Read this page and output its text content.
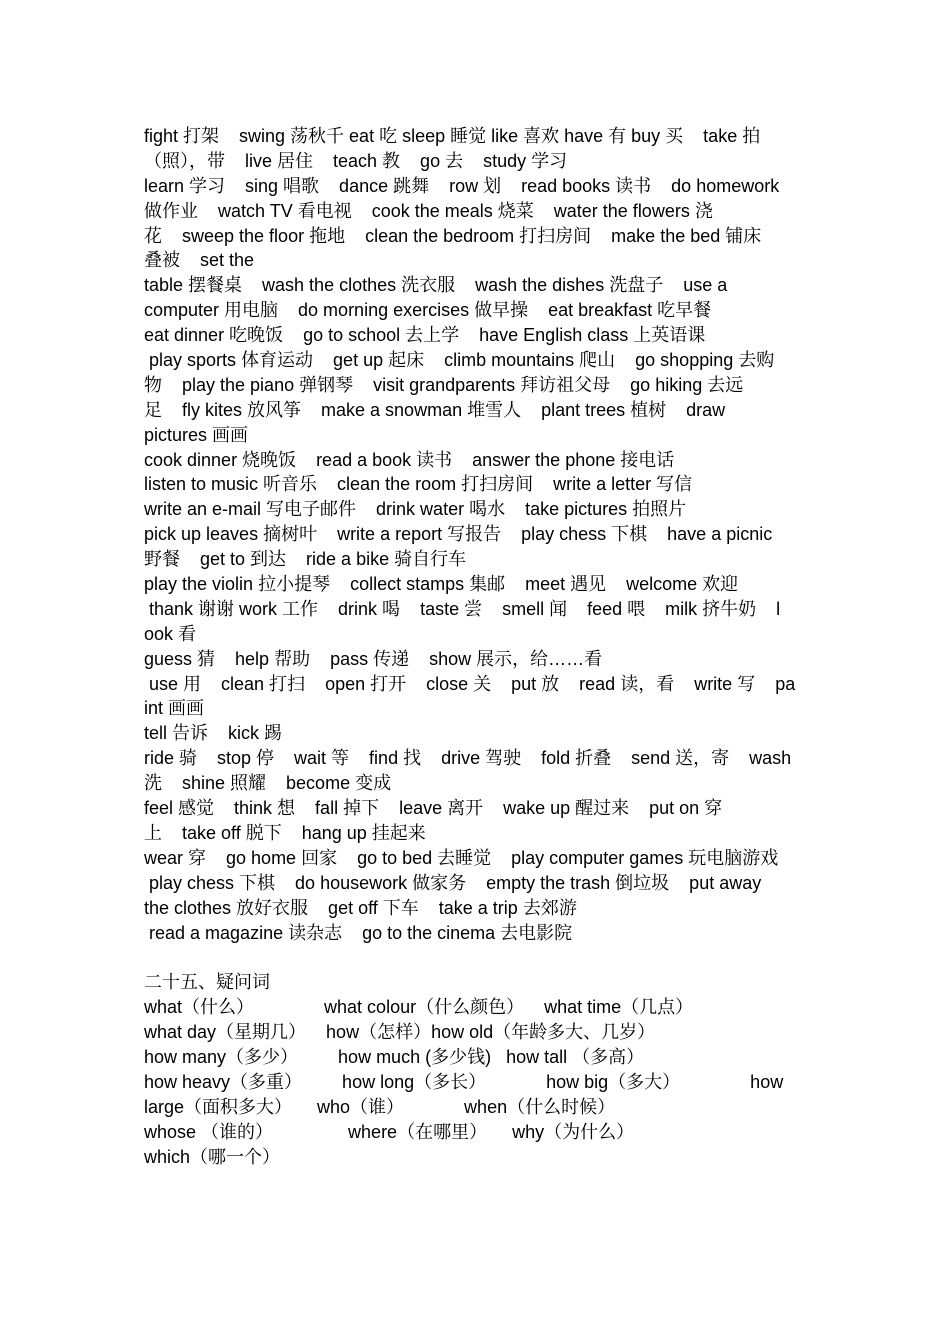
fight 打架    swing 荡秋千 eat 吃 sleep 睡觉 like 喜欢 have 有 buy 买    take 拍
（照），带    live 居住    teach 教    go 去    study 学习
learn 学习    sing 唱歌    dance 跳舞    row 划    read books 读书    do homework
做作业    watch TV 看电视    cook the meals 烧菜    water the flowers 浇
花    sweep the floor 拖地    clean the bedroom 打扫房间    make the bed 铺床
叠被    set the
table 摆餐桌    wash the clothes 洗衣服    wash the dishes 洗盘子    use a
computer 用电脑    do morning exercises 做早操    eat breakfast 吃早餐
eat dinner 吃晚饭    go to school 去上学    have English class 上英语课
play sports 体育运动    get up 起床    climb mountains 爬山    go shopping 去购
物    play the piano 弹钢琴    visit grandparents 拜访祖父母    go hiking 去远
足    fly kites 放风筝    make a snowman 堆雪人    plant trees 植树    draw
pictures 画画
cook dinner 烧晚饭    read a book 读书    answer the phone 接电话
listen to music 听音乐    clean the room 打扫房间    write a letter 写信
write an e-mail 写电子邮件    drink water 喝水    take pictures 拍照片
pick up leaves 摘树叶    write a report 写报告    play chess 下棋    have a picnic
野餐    get to 到达    ride a bike 骑自行车
play the violin 拉小提琴    collect stamps 集邮    meet 遇见    welcome 欢迎
thank 谢谢 work 工作    drink 喝    taste 尝    smell 闻    feed 喂    milk 挤牛奶    l
ook 看
guess 猜    help 帮助    pass 传递    show 展示，给……看
use 用    clean 打扫    open 打开    close 关    put 放    read 读，看    write 写    pa
int 画画
tell 告诉    kick 踢
ride 骑    stop 停    wait 等    find 找    drive 驾驶    fold 折叠    send 送，寄    wash
洗    shine 照耀    become 变成
feel 感觉    think 想    fall 掉下    leave 离开    wake up 醒过来    put on 穿
上    take off 脱下    hang up 挂起来
wear 穿    go home 回家    go to bed 去睡觉    play computer games 玩电脑游戏
play chess 下棋    do housework 做家务    empty the trash 倒垃圾    put away
the clothes 放好衣服    get off 下车    take a trip 去郊游
read a magazine 读杂志    go to the cinema 去电影院
二十五、疑问词
what（什么）              what colour（什么颜色）    what time（几点）
what day（星期几）    how（怎样）how old（年龄多大、几岁）
how many（多少）        how much (多少钱)   how tall （多高）
how heavy（多重）        how long（多长）            how big（多大）              how
large（面积多大）     who（谁）            when（什么时候）
whose （谁的）               where（在哪里）     why（为什么）
which（哪一个）
